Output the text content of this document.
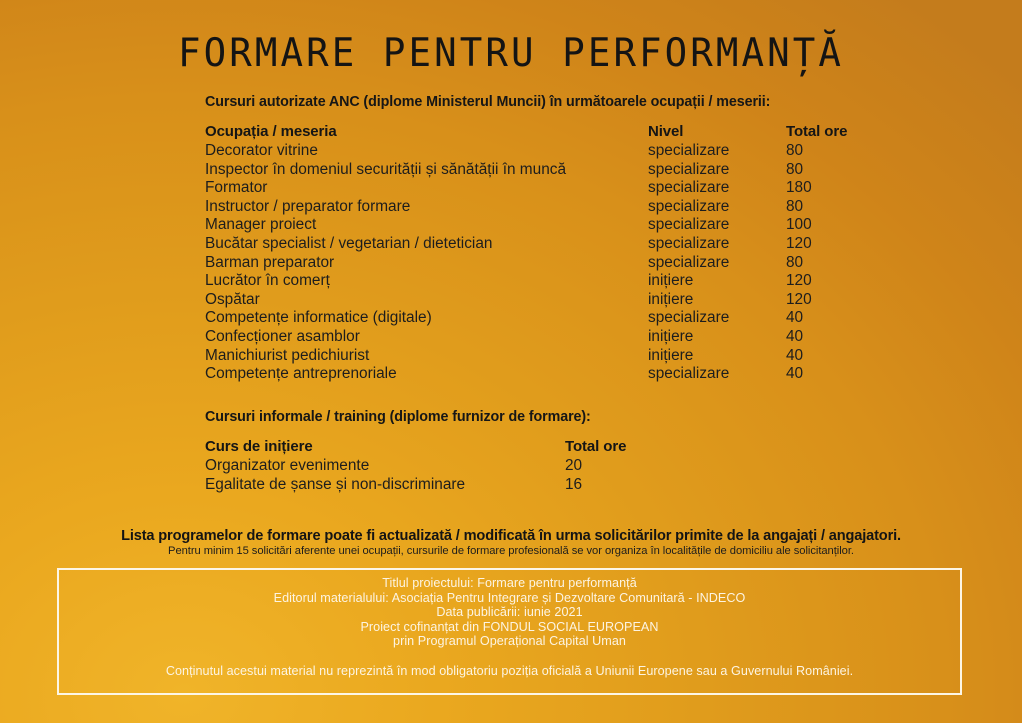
FORMARE PENTRU PERFORMANȚĂ
Cursuri autorizate ANC (diplome Ministerul Muncii) în următoarele ocupații / meserii:
Ocupația / meseria	Nivel	Total ore
Decorator vitrine	specializare	80
Inspector în domeniul securității și sănătății în muncă	specializare	80
Formator	specializare	180
Instructor / preparator formare	specializare	80
Manager proiect	specializare	100
Bucătar specialist / vegetarian / dietetician	specializare	120
Barman preparator	specializare	80
Lucrător în comerț	inițiere	120
Ospătar	inițiere	120
Competențe informatice (digitale)	specializare	40
Confecționer asamblor	inițiere	40
Manichiurist pedichiurist	inițiere	40
Competențe antreprenoriale	specializare	40
Cursuri informale / training (diplome furnizor de formare):
Curs de inițiere	Total ore
Organizator evenimente	20
Egalitate de șanse și non-discriminare	16
Lista programelor de formare poate fi actualizată / modificată în urma solicitărilor primite de la angajați / angajatori.
Pentru minim 15 solicitări aferente unei ocupații, cursurile de formare profesională se vor organiza în localitățile de domiciliu ale solicitanților.
Titlul proiectului: Formare pentru performanță
Editorul materialului: Asociația Pentru Integrare și Dezvoltare Comunitară - INDECO
Data publicării: iunie 2021
Proiect cofinanțat din FONDUL SOCIAL EUROPEAN
prin Programul Operațional Capital Uman
Conținutul acestui material nu reprezintă în mod obligatoriu poziția oficială a Uniunii Europene sau a Guvernului României.
